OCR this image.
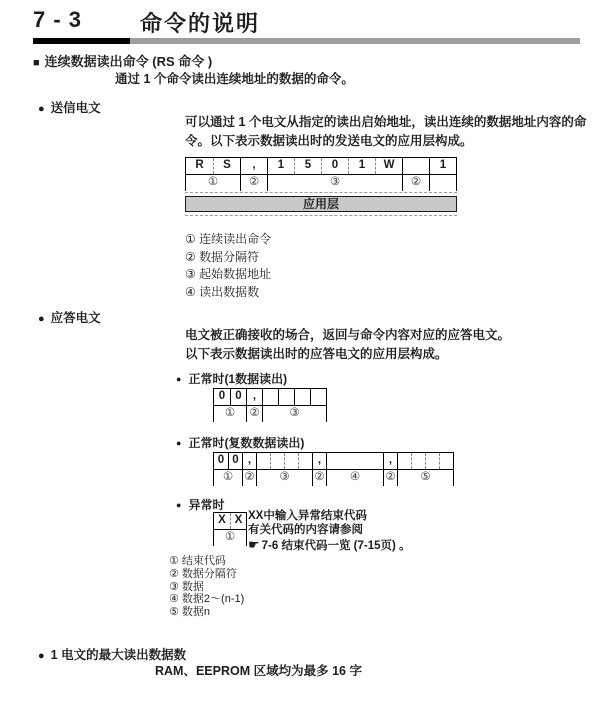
7 - 3	命令的说明
■ 连续数据读出命令 (RS 命令 )
通过 1 个命令读出连续地址的数据的命令。
● 送信电文
可以通过 1 个电文从指定的读出启始地址，读出连续的数据地址内容的命
令。以下表示数据读出时的发送电文的应用层构成。
R	S	,	1	5	0	1	W	1
①	②	③	②
应用层
① 连续读出命令
② 数据分隔符
③ 起始数据地址
④ 读出数据数
● 应答电文
电文被正确接收的场合，返回与命令内容对应的应答电文。
以下表示数据读出时的应答电文的应用层构成。
● 正常时(1数据读出)
0 0 ,
①	②	③
● 正常时(复数数据读出)
0 0 ,	,	,
① ②	③	②	④	②	⑤
● 异常时
X X
①
XX中输入异常结束代码
有关代码的内容请参阅
☛ 7-6 结束代码一览 (7-15页) 。
① 结束代码
② 数据分隔符
③ 数据
④ 数据2～(n-1)
⑤ 数据n
● 1 电文的最大读出数据数
RAM、EEPROM 区域均为最多 16 字
